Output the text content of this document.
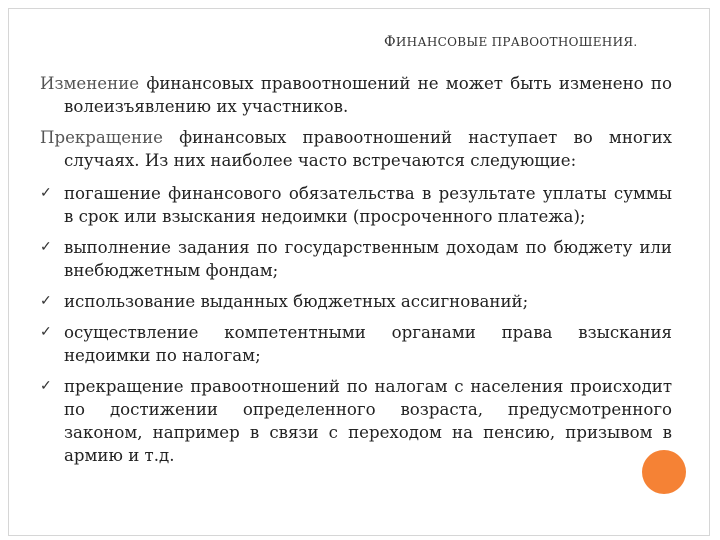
ФИНАНСОВЫЕ ПРАВООТНОШЕНИЯ.

Изменение финансовых правоотношений не может быть изменено по волеизъявлению их участников.

Прекращение финансовых правоотношений наступает во многих случаях. Из них наиболее часто встречаются следующие:

✓ погашение финансового обязательства в результате уплаты суммы в срок или взыскания недоимки (просроченного платежа);
✓ выполнение задания по государственным доходам по бюджету или внебюджетным фондам;
✓ использование выданных бюджетных ассигнований;
✓ осуществление компетентными органами права взыскания недоимки по налогам;
✓ прекращение правоотношений по налогам с населения происходит по достижении определенного возраста, предусмотренного законом, например в связи с переходом на пенсию, призывом в армию и т.д.
